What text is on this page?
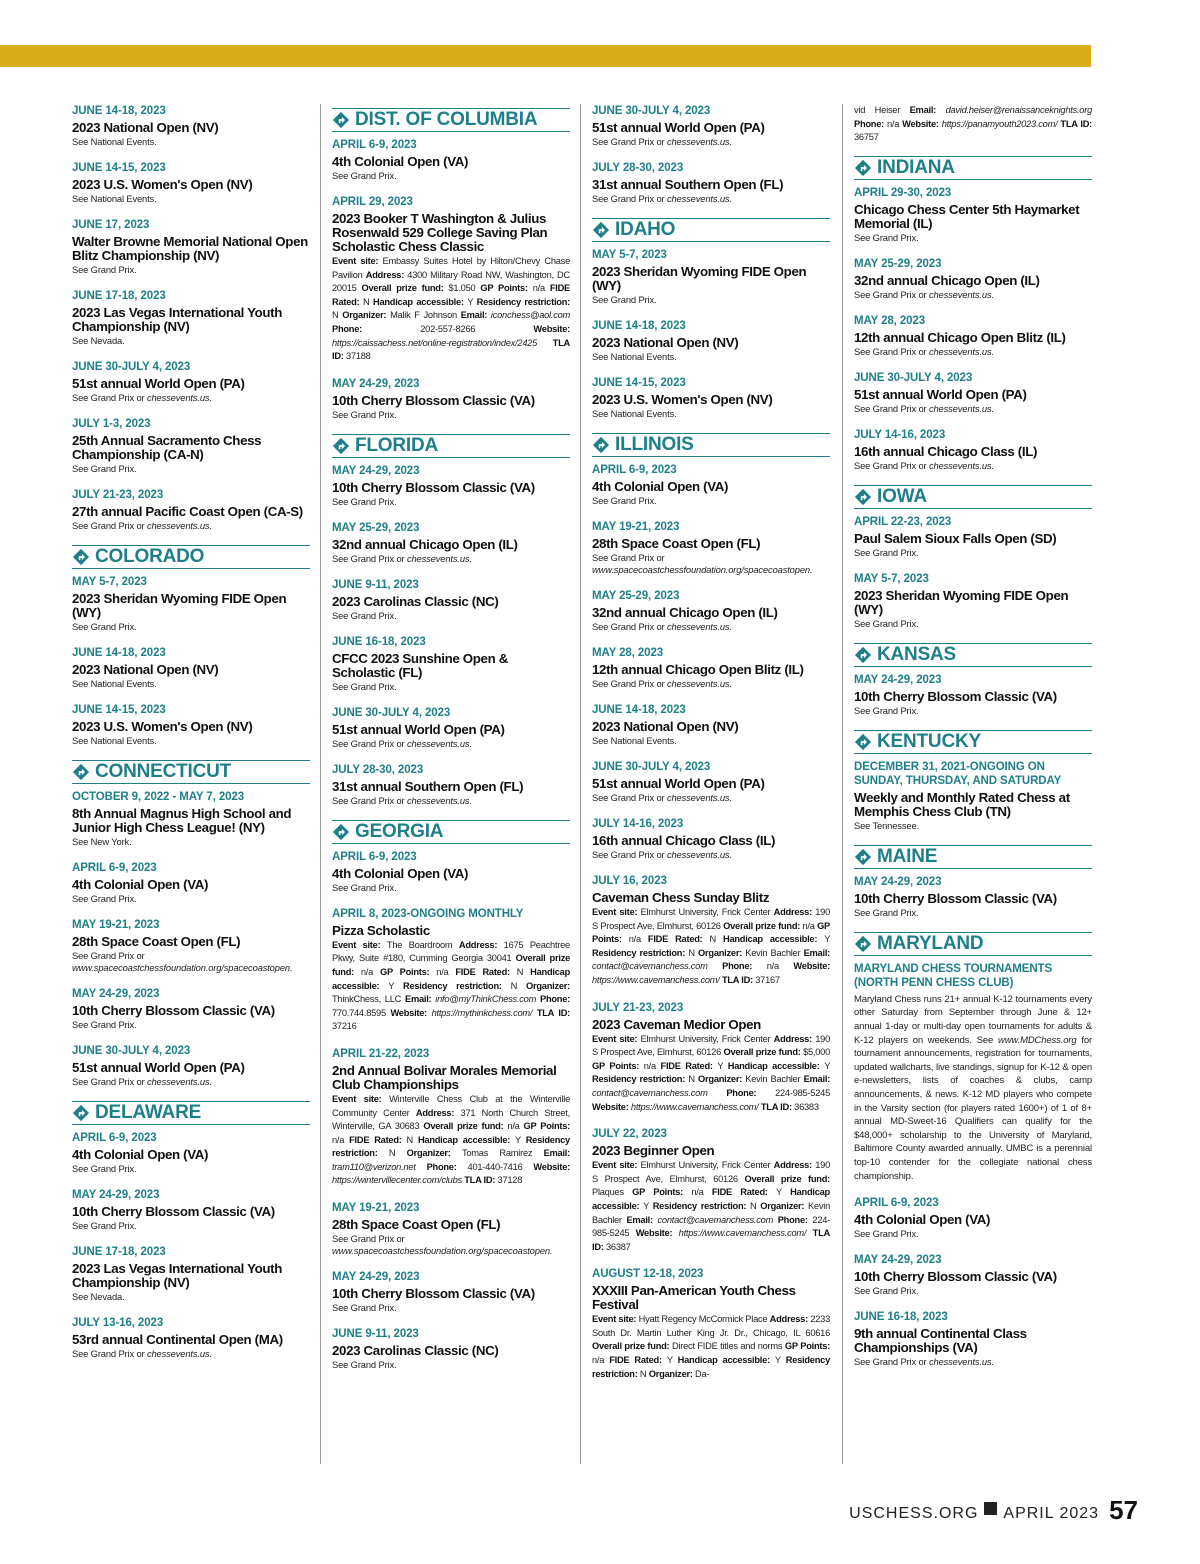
JUNE 14-18, 2023
2023 National Open (NV)
See National Events.
JUNE 14-15, 2023
2023 U.S. Women's Open (NV)
See National Events.
JUNE 17, 2023
Walter Browne Memorial National Open Blitz Championship (NV)
See Grand Prix.
JUNE 17-18, 2023
2023 Las Vegas International Youth Championship (NV)
See Nevada.
JUNE 30-JULY 4, 2023
51st annual World Open (PA)
See Grand Prix or chessevents.us.
JULY 1-3, 2023
25th Annual Sacramento Chess Championship (CA-N)
See Grand Prix.
JULY 21-23, 2023
27th annual Pacific Coast Open (CA-S)
See Grand Prix or chessevents.us.
COLORADO
MAY 5-7, 2023
2023 Sheridan Wyoming FIDE Open (WY)
See Grand Prix.
JUNE 14-18, 2023
2023 National Open (NV)
See National Events.
JUNE 14-15, 2023
2023 U.S. Women's Open (NV)
See National Events.
CONNECTICUT
OCTOBER 9, 2022 - MAY 7, 2023
8th Annual Magnus High School and Junior High Chess League! (NY)
See New York.
APRIL 6-9, 2023
4th Colonial Open (VA)
See Grand Prix.
MAY 19-21, 2023
28th Space Coast Open (FL)
See Grand Prix or www.spacecoastchessfoundation.org/spacecoastopen.
MAY 24-29, 2023
10th Cherry Blossom Classic (VA)
See Grand Prix.
JUNE 30-JULY 4, 2023
51st annual World Open (PA)
See Grand Prix or chessevents.us.
DELAWARE
APRIL 6-9, 2023
4th Colonial Open (VA)
See Grand Prix.
MAY 24-29, 2023
10th Cherry Blossom Classic (VA)
See Grand Prix.
JUNE 17-18, 2023
2023 Las Vegas International Youth Championship (NV)
See Nevada.
JULY 13-16, 2023
53rd annual Continental Open (MA)
See Grand Prix or chessevents.us.
DIST. OF COLUMBIA
APRIL 6-9, 2023
4th Colonial Open (VA)
See Grand Prix.
APRIL 29, 2023
2023 Booker T Washington & Julius Rosenwald 529 College Saving Plan Scholastic Chess Classic
Event site: Embassy Suites Hotel by Hilton/Chevy Chase Pavilion Address: 4300 Military Road NW, Washington, DC 20015 Overall prize fund: $1.050 GP Points: n/a FIDE Rated: N Handicap accessible: Y Residency restriction: N Organizer: Malik F Johnson Email: iconchess@aol.com Phone: 202-557-8266 Website: https://caissachess.net/online-registration/index/2425 TLA ID: 37188
MAY 24-29, 2023
10th Cherry Blossom Classic (VA)
See Grand Prix.
FLORIDA
MAY 24-29, 2023
10th Cherry Blossom Classic (VA)
See Grand Prix.
MAY 25-29, 2023
32nd annual Chicago Open (IL)
See Grand Prix or chessevents.us.
JUNE 9-11, 2023
2023 Carolinas Classic (NC)
See Grand Prix.
JUNE 16-18, 2023
CFCC 2023 Sunshine Open & Scholastic (FL)
See Grand Prix.
JUNE 30-JULY 4, 2023
51st annual World Open (PA)
See Grand Prix or chessevents.us.
JULY 28-30, 2023
31st annual Southern Open (FL)
See Grand Prix or chessevents.us.
GEORGIA
APRIL 6-9, 2023
4th Colonial Open (VA)
See Grand Prix.
APRIL 8, 2023-ONGOING MONTHLY
Pizza Scholastic
Event site: The Boardroom Address: 1675 Peachtree Pkwy, Suite #180, Cumming Georgia 30041 Overall prize fund: n/a GP Points: n/a FIDE Rated: N Handicap accessible: Y Residency restriction: N Organizer: ThinkChess, LLC Email: info@myThinkChess.com Phone: 770.744.8595 Website: https://mythinkchess.com/ TLA ID: 37216
APRIL 21-22, 2023
2nd Annual Bolivar Morales Memorial Club Championships
Event site: Winterville Chess Club at the Winterville Community Center Address: 371 North Church Street, Winterville, GA 30683 Overall prize fund: n/a GP Points: n/a FIDE Rated: N Handicap accessible: Y Residency restriction: N Organizer: Tomas Ramirez Email: tram110@verizon.net Phone: 401-440-7416 Website: https://wintervillecenter.com/clubs TLA ID: 37128
MAY 19-21, 2023
28th Space Coast Open (FL)
See Grand Prix or www.spacecoastchessfoundation.org/spacecoastopen.
MAY 24-29, 2023
10th Cherry Blossom Classic (VA)
See Grand Prix.
JUNE 9-11, 2023
2023 Carolinas Classic (NC)
See Grand Prix.
JUNE 30-JULY 4, 2023
51st annual World Open (PA)
See Grand Prix or chessevents.us.
JULY 28-30, 2023
31st annual Southern Open (FL)
See Grand Prix or chessevents.us.
IDAHO
MAY 5-7, 2023
2023 Sheridan Wyoming FIDE Open (WY)
See Grand Prix.
JUNE 14-18, 2023
2023 National Open (NV)
See National Events.
JUNE 14-15, 2023
2023 U.S. Women's Open (NV)
See National Events.
ILLINOIS
APRIL 6-9, 2023
4th Colonial Open (VA)
See Grand Prix.
MAY 19-21, 2023
28th Space Coast Open (FL)
See Grand Prix or www.spacecoastchessfoundation.org/spacecoastopen.
MAY 25-29, 2023
32nd annual Chicago Open (IL)
See Grand Prix or chessevents.us.
MAY 28, 2023
12th annual Chicago Open Blitz (IL)
See Grand Prix or chessevents.us.
JUNE 14-18, 2023
2023 National Open (NV)
See National Events.
JUNE 30-JULY 4, 2023
51st annual World Open (PA)
See Grand Prix or chessevents.us.
JULY 14-16, 2023
16th annual Chicago Class (IL)
See Grand Prix or chessevents.us.
JULY 16, 2023
Caveman Chess Sunday Blitz
Event site: Elmhurst University, Frick Center Address: 190 S Prospect Ave, Elmhurst, 60126 Overall prize fund: n/a GP Points: n/a FIDE Rated: N Handicap accessible: Y Residency restriction: N Organizer: Kevin Bachler Email: contact@cavemanchess.com Phone: n/a Website: https://www.cavemanchess.com/ TLA ID: 37167
JULY 21-23, 2023
2023 Caveman Medior Open
Event site: Elmhurst University, Frick Center Address: 190 S Prospect Ave, Elmhurst, 60126 Overall prize fund: $5,000 GP Points: n/a FIDE Rated: Y Handicap accessible: Y Residency restriction: N Organizer: Kevin Bachler Email: contact@cavemanchess.com Phone: 224-985-5245 Website: https://www.cavemanchess.com/ TLA ID: 36383
JULY 22, 2023
2023 Beginner Open
Event site: Elmhurst University, Frick Center Address: 190 S Prospect Ave, Elmhurst, 60126 Overall prize fund: Plaques GP Points: n/a FIDE Rated: Y Handicap accessible: Y Residency restriction: N Organizer: Kevin Bachler Email: contact@cavemanchess.com Phone: 224-985-5245 Website: https://www.cavemanchess.com/ TLA ID: 36387
AUGUST 12-18, 2023
XXXIII Pan-American Youth Chess Festival
Event site: Hyatt Regency McCormick Place Address: 2233 South Dr. Martin Luther King Jr. Dr., Chicago, IL 60616 Overall prize fund: Direct FIDE titles and norms GP Points: n/a FIDE Rated: Y Handicap accessible: Y Residency restriction: N Organizer: Da-
vid Heiser Email: david.heiser@renaissanceknights.org Phone: n/a Website: https://panamyouth2023.com/ TLA ID: 36757
INDIANA
APRIL 29-30, 2023
Chicago Chess Center 5th Haymarket Memorial (IL)
See Grand Prix.
MAY 25-29, 2023
32nd annual Chicago Open (IL)
See Grand Prix or chessevents.us.
MAY 28, 2023
12th annual Chicago Open Blitz (IL)
See Grand Prix or chessevents.us.
JUNE 30-JULY 4, 2023
51st annual World Open (PA)
See Grand Prix or chessevents.us.
JULY 14-16, 2023
16th annual Chicago Class (IL)
See Grand Prix or chessevents.us.
IOWA
APRIL 22-23, 2023
Paul Salem Sioux Falls Open (SD)
See Grand Prix.
MAY 5-7, 2023
2023 Sheridan Wyoming FIDE Open (WY)
See Grand Prix.
KANSAS
MAY 24-29, 2023
10th Cherry Blossom Classic (VA)
See Grand Prix.
KENTUCKY
DECEMBER 31, 2021-ONGOING ON SUNDAY, THURSDAY, AND SATURDAY
Weekly and Monthly Rated Chess at Memphis Chess Club (TN)
See Tennessee.
MAINE
MAY 24-29, 2023
10th Cherry Blossom Classic (VA)
See Grand Prix.
MARYLAND
MARYLAND CHESS TOURNAMENTS (NORTH PENN CHESS CLUB)
Maryland Chess runs 21+ annual K-12 tournaments every other Saturday from September through June & 12+ annual 1-day or multi-day open tournaments for adults & K-12 players on weekends. See www.MDChess.org for tournament announcements, registration for tournaments, updated wallcharts, live standings, signup for K-12 & open e-newsletters, lists of coaches & clubs, camp announcements, & news. K-12 MD players who compete in the Varsity section (for players rated 1600+) of 1 of 8+ annual MD-Sweet-16 Qualifiers can qualify for the $48,000+ scholarship to the University of Maryland, Baltimore County awarded annually. UMBC is a perennial top-10 contender for the collegiate national chess championship.
APRIL 6-9, 2023
4th Colonial Open (VA)
See Grand Prix.
MAY 24-29, 2023
10th Cherry Blossom Classic (VA)
See Grand Prix.
JUNE 16-18, 2023
9th annual Continental Class Championships (VA)
See Grand Prix or chessevents.us.
USCHESS.ORG APRIL 2023 57
